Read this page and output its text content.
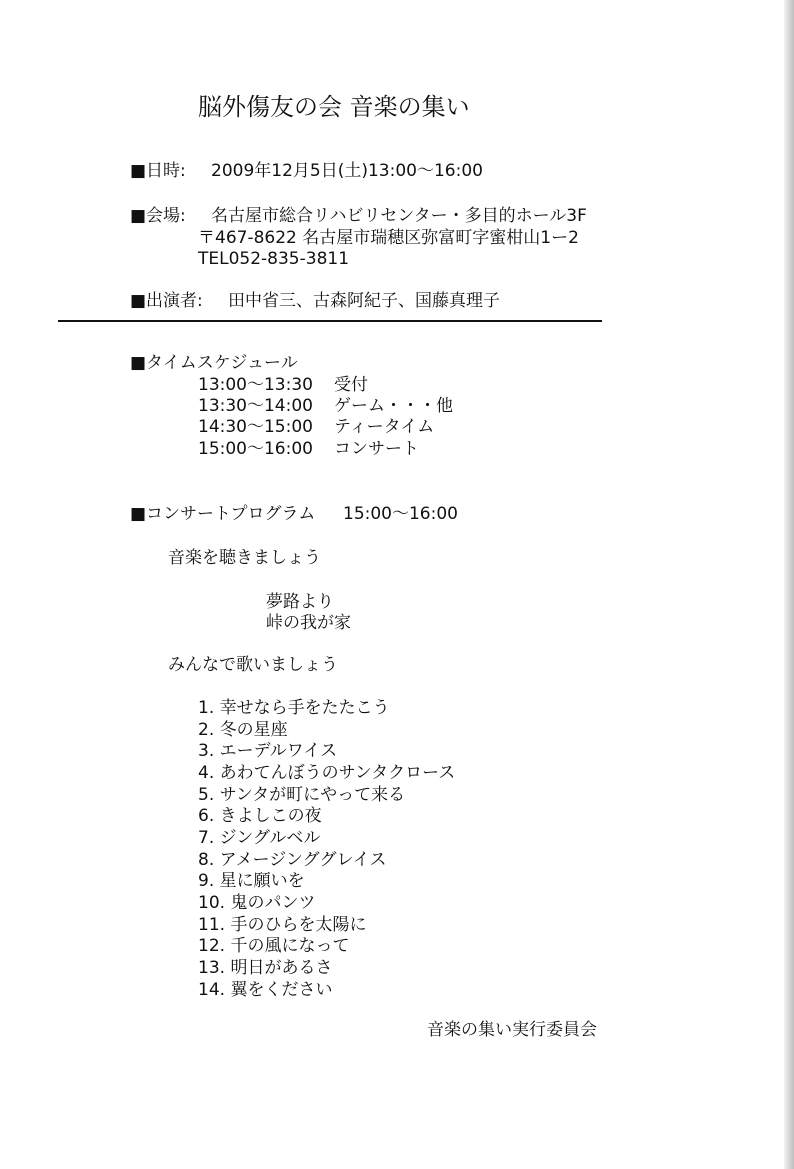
脳外傷友の会 音楽の集い
■日時: 2009年12月5日(土)13:00〜16:00
■会場: 名古屋市総合リハビリセンター・多目的ホール3F
〒467-8622 名古屋市瑞穂区弥富町字蜜柑山1ー2
TEL052-835-3811
■出演者: 田中省三、古森阿紀子、国藤真理子
■タイムスケジュール
13:00〜13:30 受付
13:30〜14:00 ゲーム・・・他
14:30〜15:00 ティータイム
15:00〜16:00 コンサート
■コンサートプログラム 15:00〜16:00
音楽を聴きましょう
夢路より
峠の我が家
みんなで歌いましょう
1. 幸せなら手をたたこう
2. 冬の星座
3. エーデルワイス
4. あわてんぼうのサンタクロース
5. サンタが町にやって来る
6. きよしこの夜
7. ジングルベル
8. アメージンググレイス
9. 星に願いを
10. 鬼のパンツ
11. 手のひらを太陽に
12. 千の風になって
13. 明日があるさ
14. 翼をください
音楽の集い実行委員会
